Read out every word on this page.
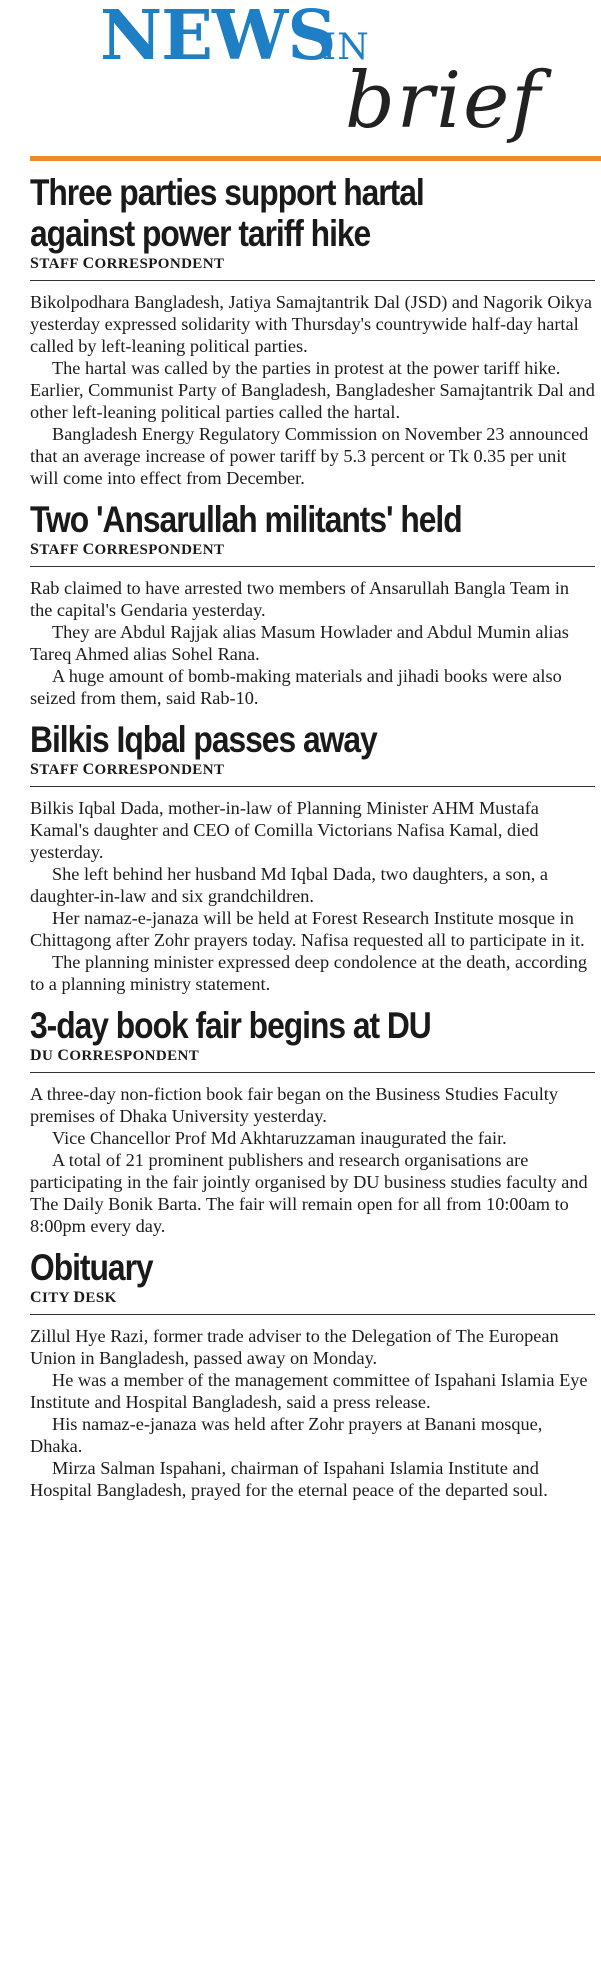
NEWS
IN
brief
Three parties support hartal
against power tariff hike
STAFF CORRESPONDENT

Bikolpodhara Bangladesh, Jatiya Samajtantrik Dal (JSD) and Nagorik Oikya yesterday expressed solidarity with Thursday's countrywide half-day hartal called by left-leaning political parties.

The hartal was called by the parties in protest at the power tariff hike. Earlier, Communist Party of Bangladesh, Bangladesher Samajtantrik Dal and other left-leaning political parties called the hartal.

Bangladesh Energy Regulatory Commission on November 23 announced that an average increase of power tariff by 5.3 percent or Tk 0.35 per unit will come into effect from December.

Two 'Ansarullah militants' held
STAFF CORRESPONDENT

Rab claimed to have arrested two members of Ansarullah Bangla Team in the capital's Gendaria yesterday.

They are Abdul Rajjak alias Masum Howlader and Abdul Mumin alias Tareq Ahmed alias Sohel Rana.

A huge amount of bomb-making materials and jihadi books were also seized from them, said Rab-10.

Bilkis Iqbal passes away
STAFF CORRESPONDENT

Bilkis Iqbal Dada, mother-in-law of Planning Minister AHM Mustafa Kamal's daughter and CEO of Comilla Victorians Nafisa Kamal, died yesterday.

She left behind her husband Md Iqbal Dada, two daughters, a son, a daughter-in-law and six grandchildren.

Her namaz-e-janaza will be held at Forest Research Institute mosque in Chittagong after Zohr prayers today. Nafisa requested all to participate in it.

The planning minister expressed deep condolence at the death, according to a planning ministry statement.

3-day book fair begins at DU
DU CORRESPONDENT

A three-day non-fiction book fair began on the Business Studies Faculty premises of Dhaka University yesterday.

Vice Chancellor Prof Md Akhtaruzzaman inaugurated the fair.

A total of 21 prominent publishers and research organisations are participating in the fair jointly organised by DU business studies faculty and The Daily Bonik Barta. The fair will remain open for all from 10:00am to 8:00pm every day.

Obituary
CITY DESK

Zillul Hye Razi, former trade adviser to the Delegation of The European Union in Bangladesh, passed away on Monday.

He was a member of the management committee of Ispahani Islamia Eye Institute and Hospital Bangladesh, said a press release.

His namaz-e-janaza was held after Zohr prayers at Banani mosque, Dhaka.

Mirza Salman Ispahani, chairman of Ispahani Islamia Institute and Hospital Bangladesh, prayed for the eternal peace of the departed soul.
